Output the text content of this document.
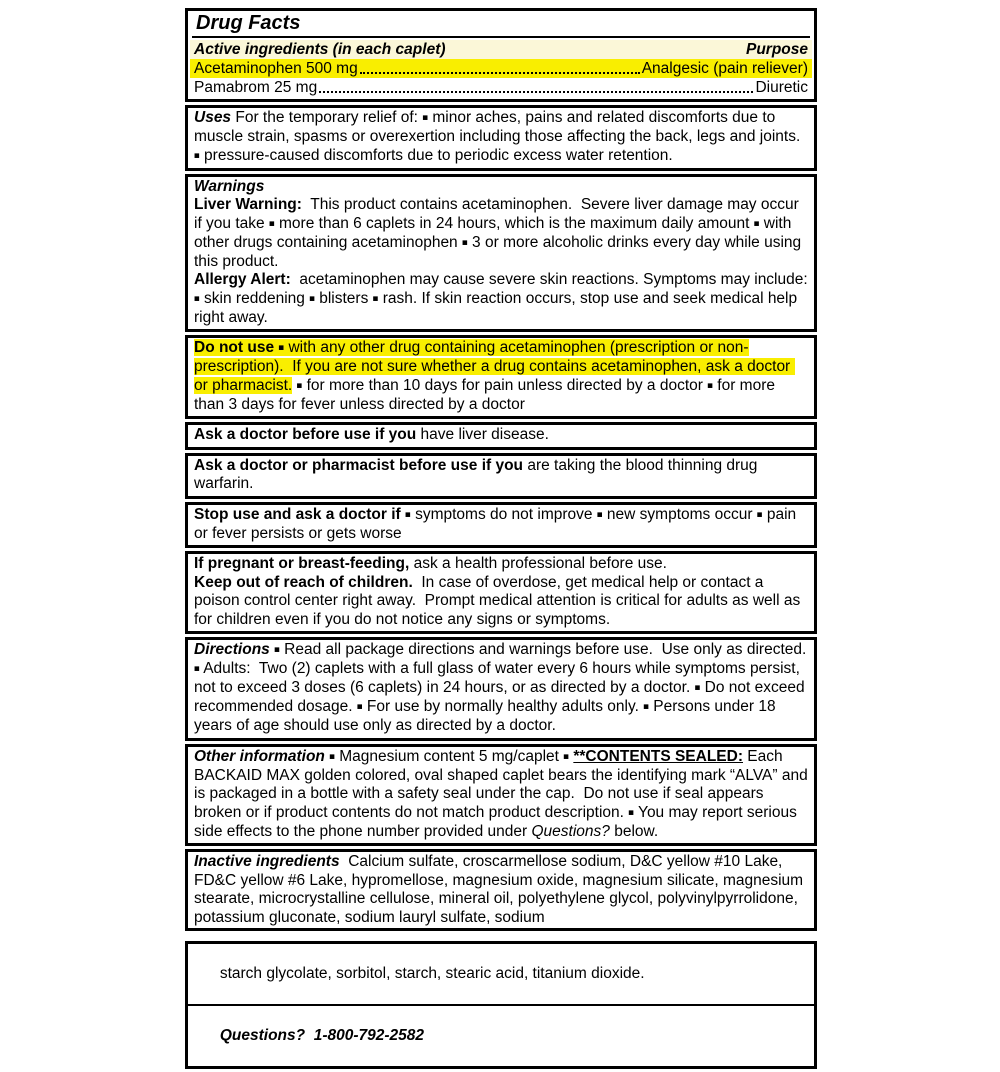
Drug Facts
Active ingredients (in each caplet)	Purpose
Acetaminophen 500 mg	Analgesic (pain reliever)
Pamabrom 25 mg	Diuretic
Uses For the temporary relief of: ■ minor aches, pains and related discomforts due to muscle strain, spasms or overexertion including those affecting the back, legs and joints. ■ pressure-caused discomforts due to periodic excess water retention.
Warnings
Liver Warning:  This product contains acetaminophen.  Severe liver damage may occur if you take ■ more than 6 caplets in 24 hours, which is the maximum daily amount ■ with other drugs containing acetaminophen ■ 3 or more alcoholic drinks every day while using this product.
Allergy Alert:  acetaminophen may cause severe skin reactions. Symptoms may include: ■ skin reddening ■ blisters ■ rash. If skin reaction occurs, stop use and seek medical help right away.
Do not use ■ with any other drug containing acetaminophen (prescription or non-prescription).  If you are not sure whether a drug contains acetaminophen, ask a doctor or pharmacist. ■ for more than 10 days for pain unless directed by a doctor ■ for more than 3 days for fever unless directed by a doctor
Ask a doctor before use if you have liver disease.
Ask a doctor or pharmacist before use if you are taking the blood thinning drug warfarin.
Stop use and ask a doctor if ■ symptoms do not improve ■ new symptoms occur ■ pain or fever persists or gets worse
If pregnant or breast-feeding, ask a health professional before use.
Keep out of reach of children.  In case of overdose, get medical help or contact a poison control center right away.  Prompt medical attention is critical for adults as well as for children even if you do not notice any signs or symptoms.
Directions ■ Read all package directions and warnings before use.  Use only as directed. ■ Adults:  Two (2) caplets with a full glass of water every 6 hours while symptoms persist, not to exceed 3 doses (6 caplets) in 24 hours, or as directed by a doctor. ■ Do not exceed recommended dosage. ■ For use by normally healthy adults only. ■ Persons under 18 years of age should use only as directed by a doctor.
Other information ■ Magnesium content 5 mg/caplet ■ **CONTENTS SEALED: Each BACKAID MAX golden colored, oval shaped caplet bears the identifying mark “ALVA” and is packaged in a bottle with a safety seal under the cap.  Do not use if seal appears broken or if product contents do not match product description. ■ You may report serious side effects to the phone number provided under Questions? below.
Inactive ingredients  Calcium sulfate, croscarmellose sodium, D&C yellow #10 Lake, FD&C yellow #6 Lake, hypromellose, magnesium oxide, magnesium silicate, magnesium stearate, microcrystalline cellulose, mineral oil, polyethylene glycol, polyvinylpyrrolidone, potassium gluconate, sodium lauryl sulfate, sodium

starch glycolate, sorbitol, starch, stearic acid, titanium dioxide.

Questions?  1-800-792-2582
